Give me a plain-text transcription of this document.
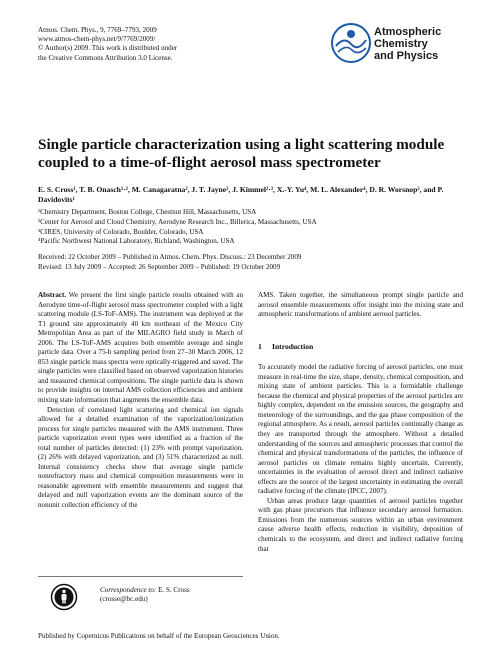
Atmos. Chem. Phys., 9, 7769–7793, 2009
www.atmos-chem-phys.net/9/7769/2009/
© Author(s) 2009. This work is distributed under
the Creative Commons Attribution 3.0 License.
Atmospheric
Chemistry
and Physics
Single particle characterization using a light scattering module coupled to a time-of-flight aerosol mass spectrometer
E. S. Cross¹, T. B. Onasch¹·², M. Canagaratna², J. T. Jayne², J. Kimmel²·³, X.-Y. Yu⁴, M. L. Alexander⁴, D. R. Worsnop², and P. Davidovits¹
¹Chemistry Department, Boston College, Chestnut Hill, Massachusetts, USA
²Center for Aerosol and Cloud Chemistry, Aerodyne Research Inc., Billerica, Massachusetts, USA
³CIRES, University of Colorado, Boulder, Colorado, USA
⁴Pacific Northwest National Laboratory, Richland, Washington, USA
Received: 22 October 2009 – Published in Atmos. Chem. Phys. Discuss.: 23 December 2009
Revised: 13 July 2009 – Accepted: 26 September 2009 – Published: 19 October 2009

Abstract. We present the first single particle results obtained with an Aerodyne time-of-flight aerosol mass spectrometer coupled with a light scattering module (LS-ToF-AMS). The instrument was deployed at the T1 ground site approximately 40 km northeast of the Mexico City Metropolitan Area as part of the MILAGRO field study in March of 2006. The LS-ToF-AMS acquires both ensemble average and single particle data. Over a 75-h sampling period from 27–30 March 2006, 12 853 single particle mass spectra were optically-triggered and saved. The single particles were classified based on observed vaporization histories and measured chemical compositions. The single particle data is shown to provide insights on internal AMS collection efficiencies and ambient mixing state information that augments the ensemble data.

Detection of correlated light scattering and chemical ion signals allowed for a detailed examination of the vaporization/ionization process for single particles measured with the AMS instrument. Three particle vaporization event types were identified as a fraction of the total number of particles detected: (1) 23% with prompt vaporization, (2) 26% with delayed vaporization, and (3) 51% characterized as null. Internal consistency checks show that average single particle nonrefractory mass and chemical composition measurements were in reasonable agreement with ensemble measurements and suggest that delayed and null vaporization events are the dominant source of the nonunit collection efficiency of the

AMS. Taken together, the simultaneous prompt single particle and aerosol ensemble measurements offer insight into the mixing state and atmospheric transformations of ambient aerosol particles.

1 Introduction

To accurately model the radiative forcing of aerosol particles, one must measure in real-time the size, shape, density, chemical composition, and mixing state of ambient particles. This is a formidable challenge because the chemical and physical properties of the aerosol particles are highly complex, dependent on the emission sources, the geography and meteorology of the surroundings, and the gas phase composition of the regional atmosphere. As a result, aerosol particles continually change as they are transported through the atmosphere. Without a detailed understanding of the sources and atmospheric processes that control the chemical and physical transformations of the particles, the influence of aerosol particles on climate remains highly uncertain. Currently, uncertainties in the evaluation of aerosol direct and indirect radiative effects are the source of the largest uncertainty in estimating the overall radiative forcing of the climate (IPCC, 2007).

Urban areas produce large quantities of aerosol particles together with gas phase precursors that influence secondary aerosol formation. Emissions from the numerous sources within an urban environment cause adverse health effects, reduction in visibility, deposition of chemicals to the ecosystem, and direct and indirect radiative forcing that

Correspondence to: E. S. Cross
(crosse@bc.edu)
Published by Copernicus Publications on behalf of the European Geosciences Union.
